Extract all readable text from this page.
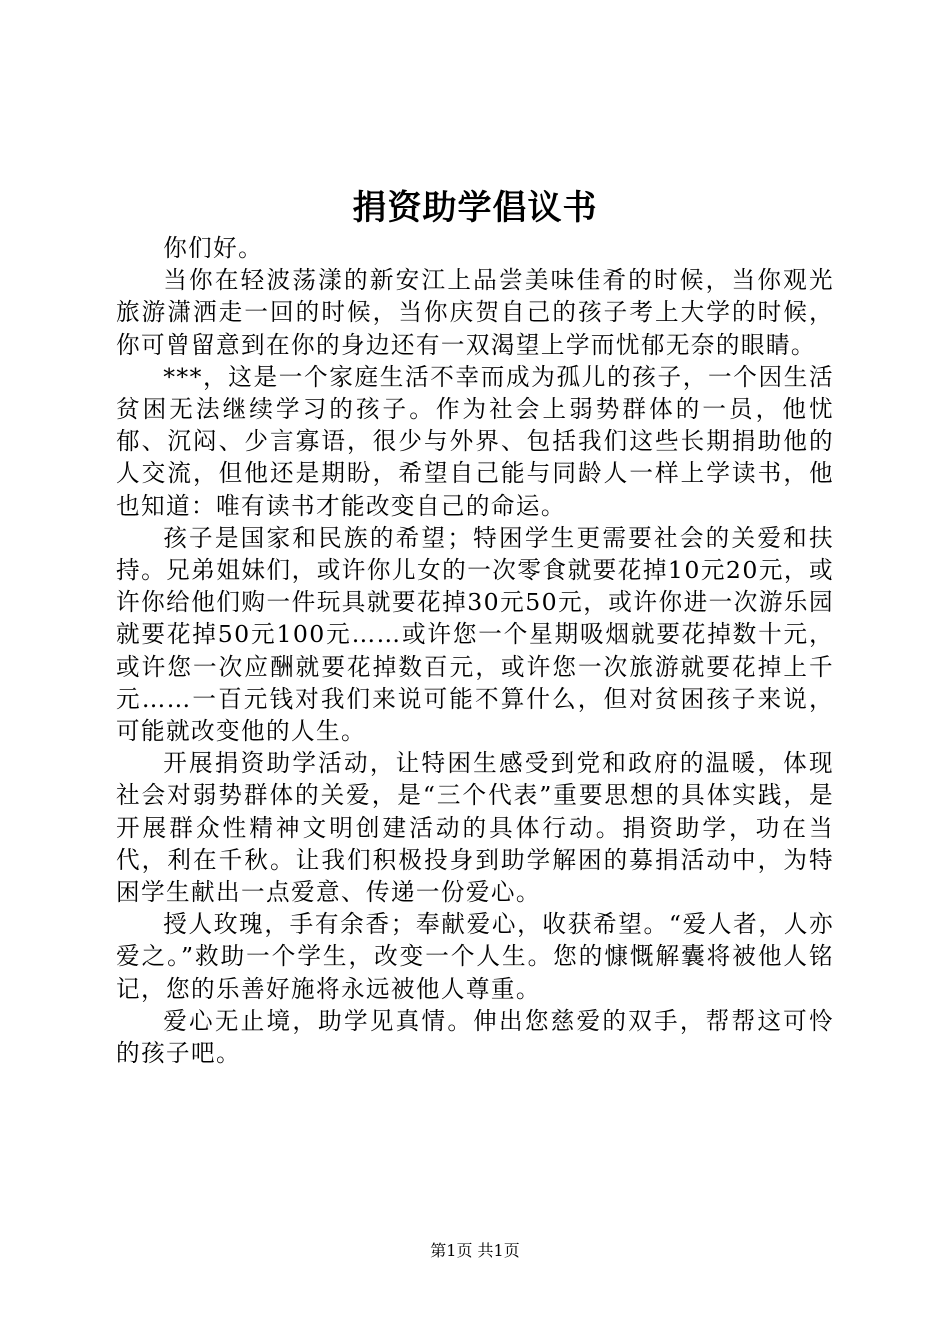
捐资助学倡议书

你们好。

当你在轻波荡漾的新安江上品尝美味佳肴的时候，当你观光旅游潇洒走一回的时候，当你庆贺自己的孩子考上大学的时候，你可曾留意到在你的身边还有一双渴望上学而忧郁无奈的眼睛。

***，这是一个家庭生活不幸而成为孤儿的孩子，一个因生活贫困无法继续学习的孩子。作为社会上弱势群体的一员，他忧郁、沉闷、少言寡语，很少与外界、包括我们这些长期捐助他的人交流，但他还是期盼，希望自己能与同龄人一样上学读书，他也知道：唯有读书才能改变自己的命运。

孩子是国家和民族的希望；特困学生更需要社会的关爱和扶持。兄弟姐妹们，或许你儿女的一次零食就要花掉10元20元，或许你给他们购一件玩具就要花掉30元50元，或许你进一次游乐园就要花掉50元100元……或许您一个星期吸烟就要花掉数十元，或许您一次应酬就要花掉数百元，或许您一次旅游就要花掉上千元……一百元钱对我们来说可能不算什么，但对贫困孩子来说，可能就改变他的人生。

开展捐资助学活动，让特困生感受到党和政府的温暖，体现社会对弱势群体的关爱，是“三个代表”重要思想的具体实践，是开展群众性精神文明创建活动的具体行动。捐资助学，功在当代，利在千秋。让我们积极投身到助学解困的募捐活动中，为特困学生献出一点爱意、传递一份爱心。

授人玫瑰，手有余香；奉献爱心，收获希望。“爱人者，人亦爱之。”救助一个学生，改变一个人生。您的慷慨解囊将被他人铭记，您的乐善好施将永远被他人尊重。

爱心无止境，助学见真情。伸出您慈爱的双手，帮帮这可怜的孩子吧。

第1页 共1页
